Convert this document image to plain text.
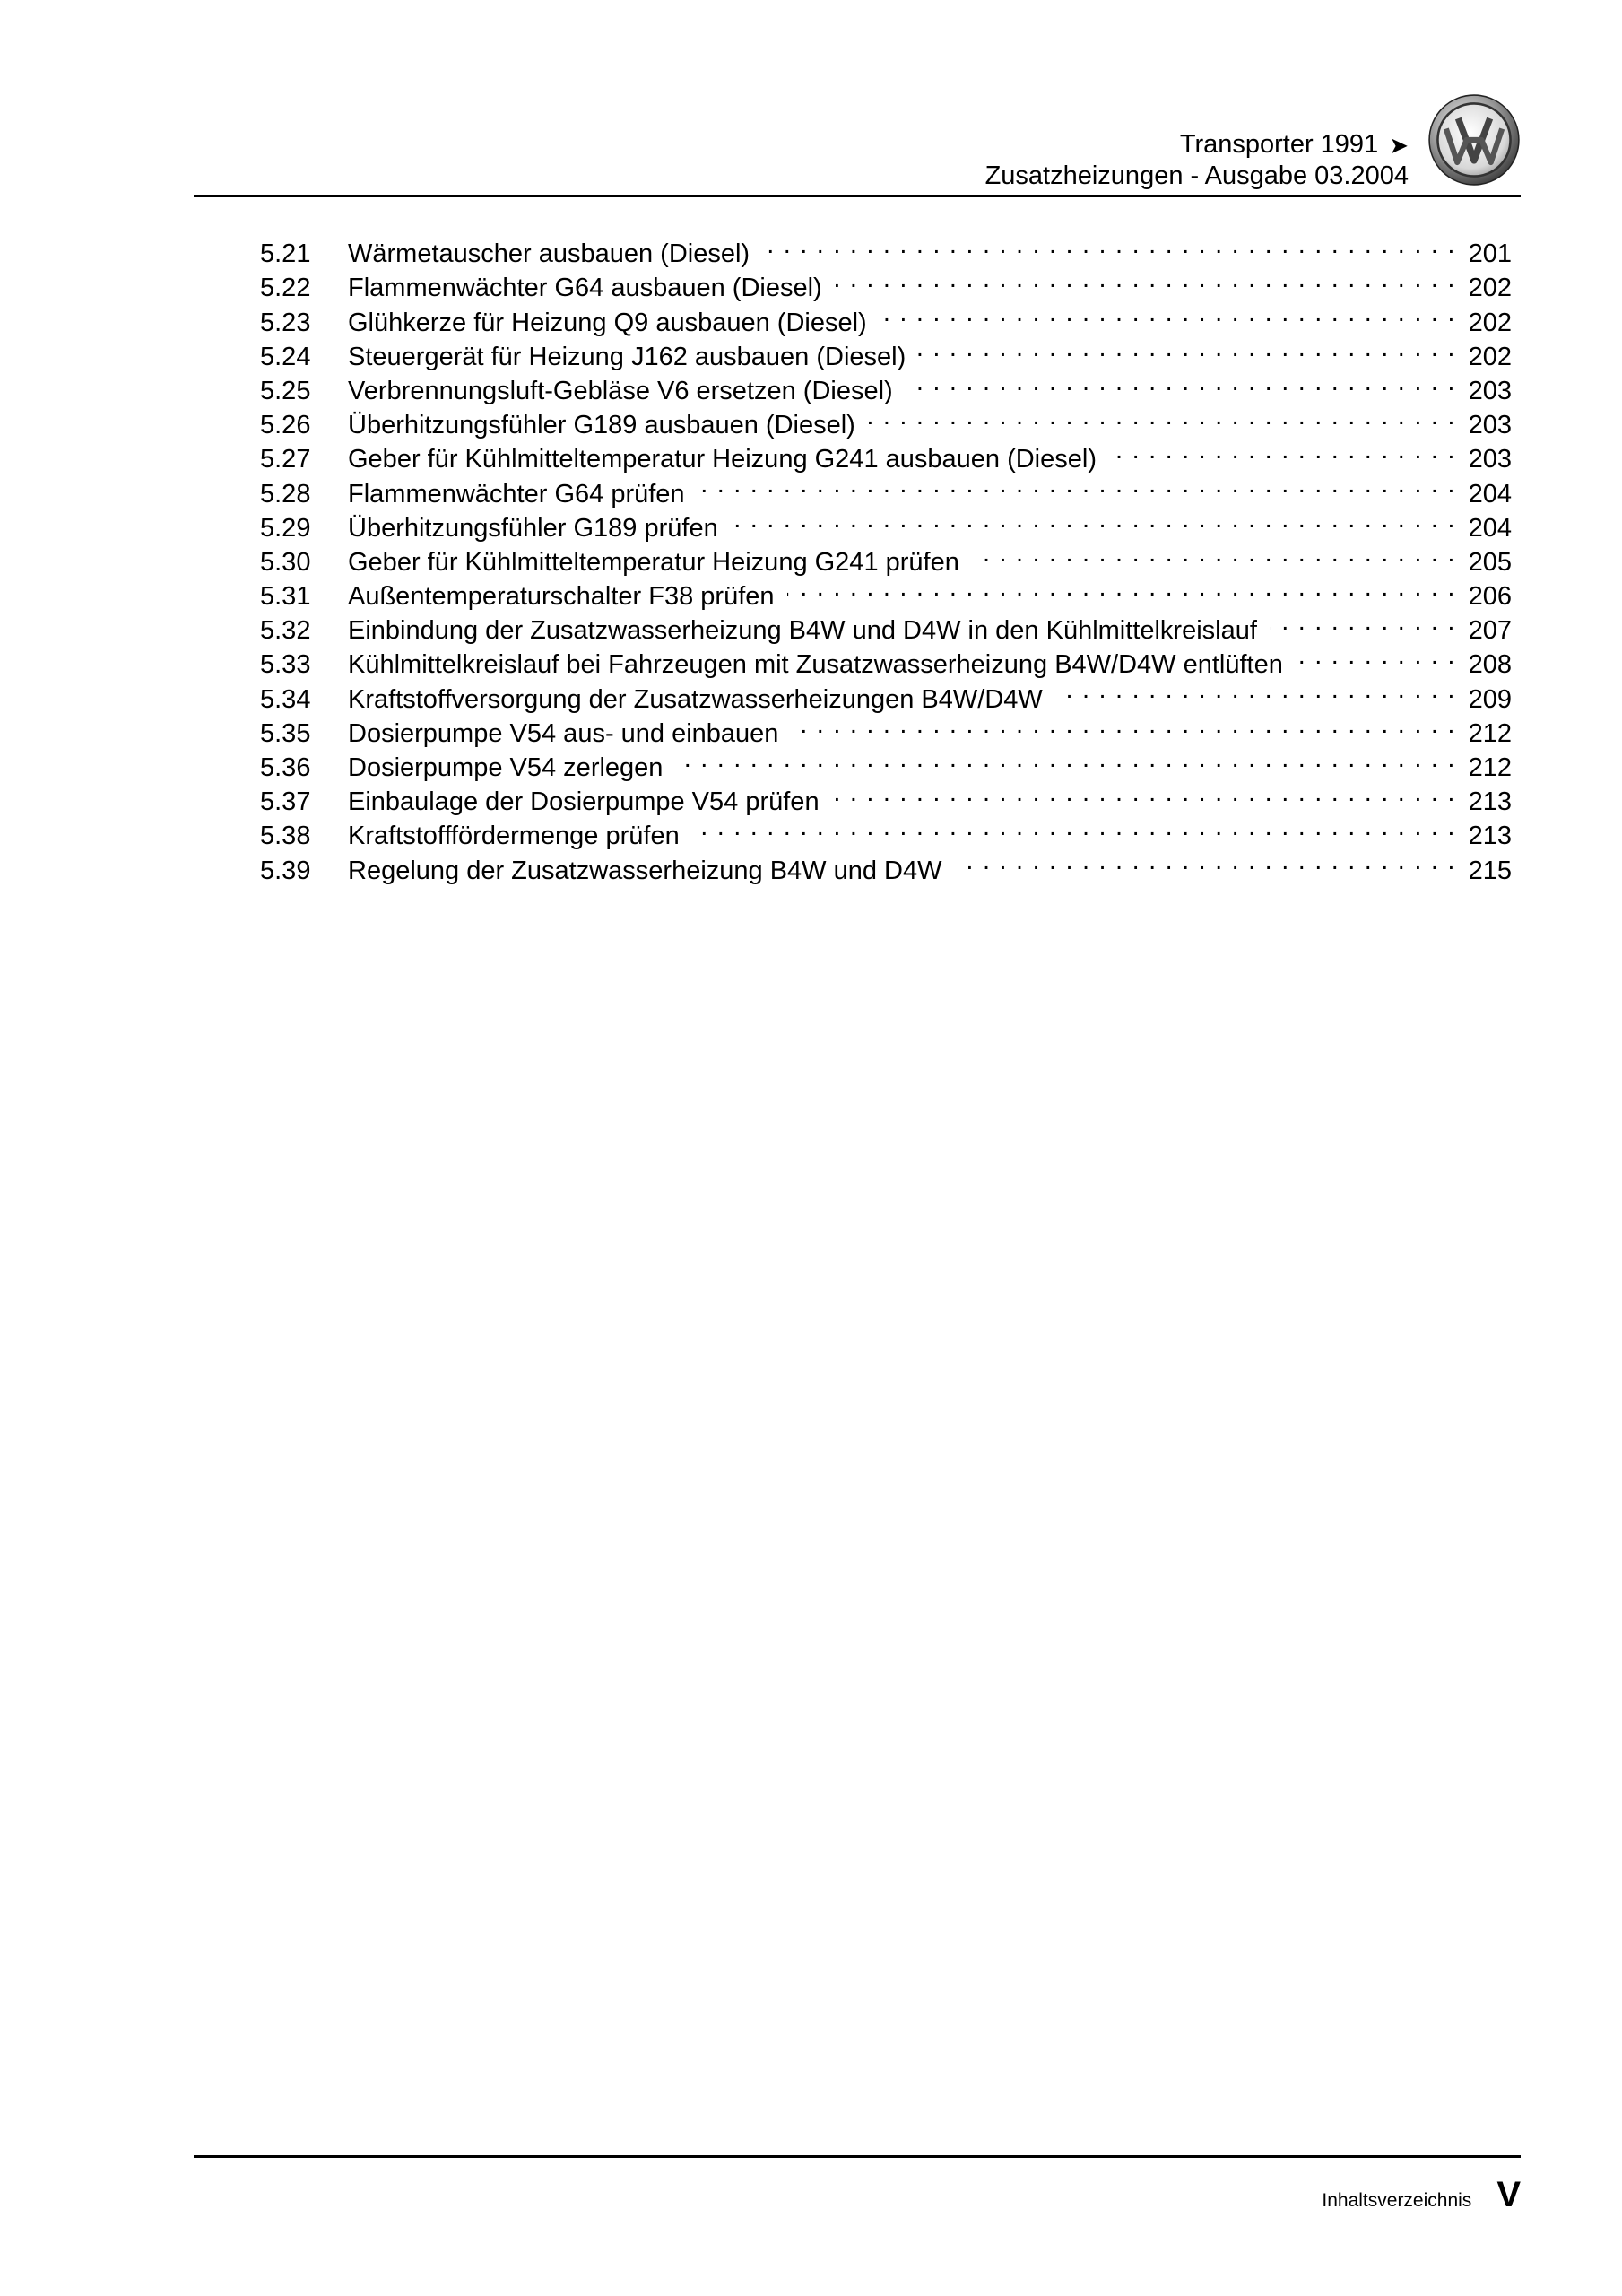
Transporter 1991 ➤
Zusatzheizungen - Ausgabe 03.2004
5.21	Wärmetauscher ausbauen (Diesel) . . .	201
5.22	Flammenwächter G64 ausbauen (Diesel) . . .	202
5.23	Glühkerze für Heizung Q9 ausbauen (Diesel) . . .	202
5.24	Steuergerät für Heizung J162 ausbauen (Diesel) . . .	202
5.25	Verbrennungsluft-Gebläse V6 ersetzen (Diesel) . . .	203
5.26	Überhitzungsfühler G189 ausbauen (Diesel) . . .	203
5.27	Geber für Kühlmitteltemperatur Heizung G241 ausbauen (Diesel) . . .	203
5.28	Flammenwächter G64 prüfen . . .	204
5.29	Überhitzungsfühler G189 prüfen . . .	204
5.30	Geber für Kühlmitteltemperatur Heizung G241 prüfen . . .	205
5.31	Außentemperaturschalter F38 prüfen . . .	206
5.32	Einbindung der Zusatzwasserheizung B4W und D4W in den Kühlmittelkreislauf . . .	207
5.33	Kühlmittelkreislauf bei Fahrzeugen mit Zusatzwasserheizung B4W/D4W entlüften . . .	208
5.34	Kraftstoffversorgung der Zusatzwasserheizungen B4W/D4W . . .	209
5.35	Dosierpumpe V54 aus- und einbauen . . .	212
5.36	Dosierpumpe V54 zerlegen . . .	212
5.37	Einbaulage der Dosierpumpe V54 prüfen . . .	213
5.38	Kraftstofffördermenge prüfen . . .	213
5.39	Regelung der Zusatzwasserheizung B4W und D4W . . .	215
Inhaltsverzeichnis V
